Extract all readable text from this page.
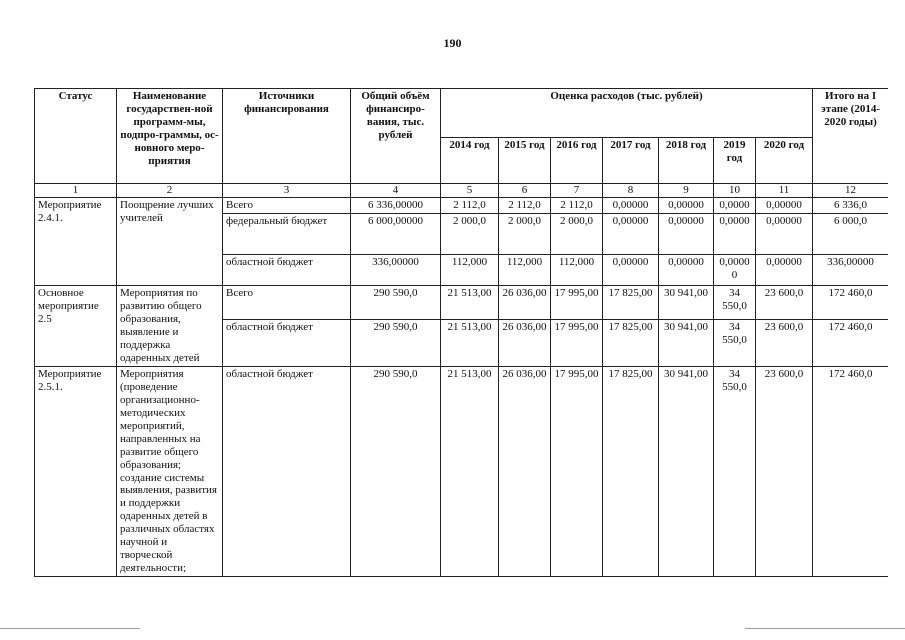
190
Статус	Наименование государствен-ной программ-мы, подпро-граммы, ос-новного меро-приятия	Источники финансирования	Общий объём финансиро-вания, тыс. рублей	Оценка расходов (тыс. рублей)							Итого на I этапе (2014-2020 годы)
				2014 год	2015 год	2016 год	2017 год	2018 год	2019 год	2020 год	
1	2	3	4	5	6	7	8	9	10	11	12
Мероприятие 2.4.1.	Поощрение лучших учителей	Всего	6 336,00000	2 112,0	2 112,0	2 112,0	0,00000	0,00000	0,0000	0,00000	6 336,0
		федеральный бюджет	6 000,00000	2 000,0	2 000,0	2 000,0	0,00000	0,00000	0,0000	0,00000	6 000,0
		областной бюджет	336,00000	112,000	112,000	112,000	0,00000	0,00000	0,0000 0	0,00000	336,00000
Основное мероприятие 2.5	Мероприятия по развитию общего образования, выявление и поддержка одаренных детей	Всего	290 590,0	21 513,00	26 036,00	17 995,00	17 825,00	30 941,00	34 550,0	23 600,0	172 460,0
		областной бюджет	290 590,0	21 513,00	26 036,00	17 995,00	17 825,00	30 941,00	34 550,0	23 600,0	172 460,0
Мероприятие 2.5.1.	Мероприятия (проведение организационно-методических мероприятий, направленных на развитие общего образования; создание системы выявления, развития и поддержки одаренных детей в различных областях научной и творческой деятельности;	областной бюджет	290 590,0	21 513,00	26 036,00	17 995,00	17 825,00	30 941,00	34 550,0	23 600,0	172 460,0
